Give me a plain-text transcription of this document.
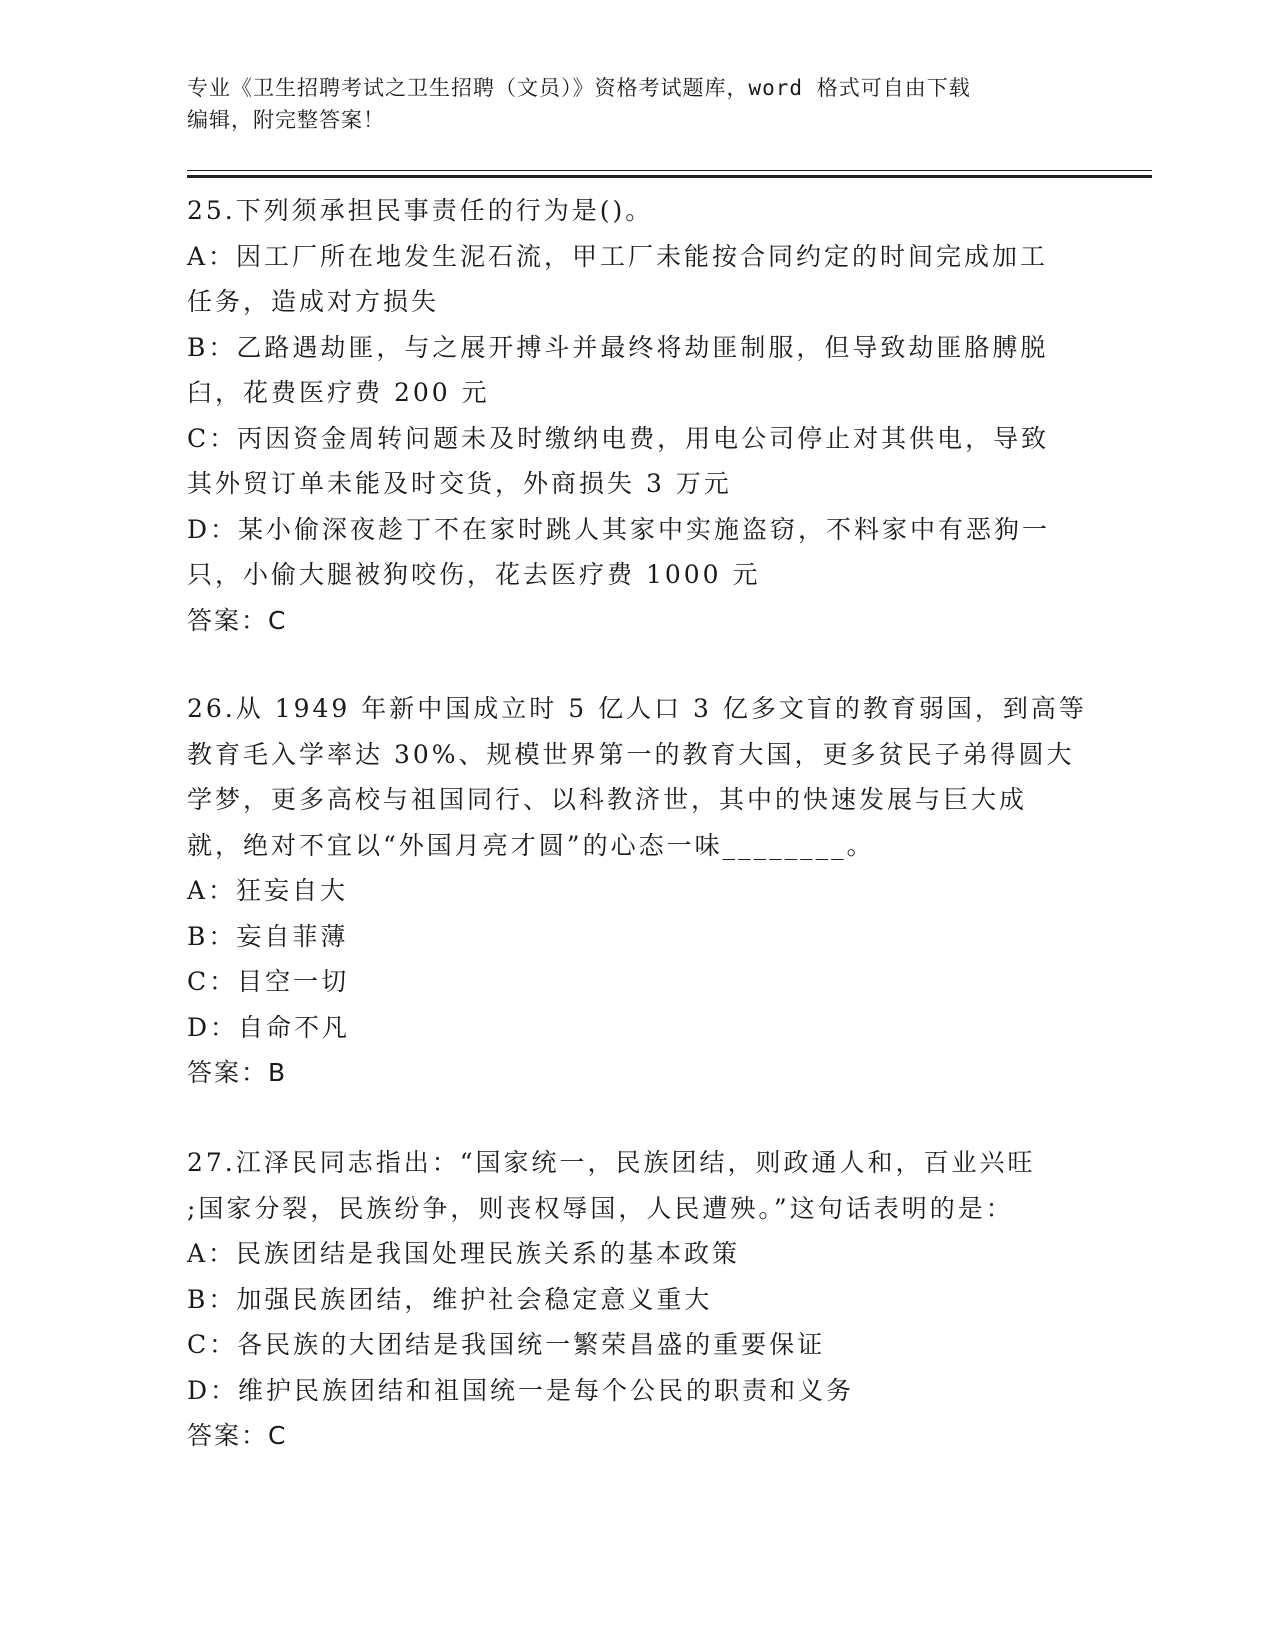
专业《卫生招聘考试之卫生招聘（文员）》资格考试题库，word 格式可自由下载
编辑，附完整答案！

25.下列须承担民事责任的行为是()。

A：因工厂所在地发生泥石流，甲工厂未能按合同约定的时间完成加工
任务，造成对方损失

B：乙路遇劫匪，与之展开搏斗并最终将劫匪制服，但导致劫匪胳膊脱
臼，花费医疗费 200 元

C：丙因资金周转问题未及时缴纳电费，用电公司停止对其供电，导致
其外贸订单未能及时交货，外商损失 3 万元

D：某小偷深夜趁丁不在家时跳人其家中实施盗窃，不料家中有恶狗一
只，小偷大腿被狗咬伤，花去医疗费 1000 元

答案：C

26.从 1949 年新中国成立时 5 亿人口 3 亿多文盲的教育弱国，到高等
教育毛入学率达 30%、规模世界第一的教育大国，更多贫民子弟得圆大
学梦，更多高校与祖国同行、以科教济世，其中的快速发展与巨大成
就，绝对不宜以“外国月亮才圆”的心态一味________。

A：狂妄自大

B：妄自菲薄

C：目空一切

D：自命不凡

答案：B

27.江泽民同志指出：“国家统一，民族团结，则政通人和，百业兴旺
;国家分裂，民族纷争，则丧权辱国，人民遭殃。”这句话表明的是：

A：民族团结是我国处理民族关系的基本政策

B：加强民族团结，维护社会稳定意义重大

C：各民族的大团结是我国统一繁荣昌盛的重要保证

D：维护民族团结和祖国统一是每个公民的职责和义务

答案：C
